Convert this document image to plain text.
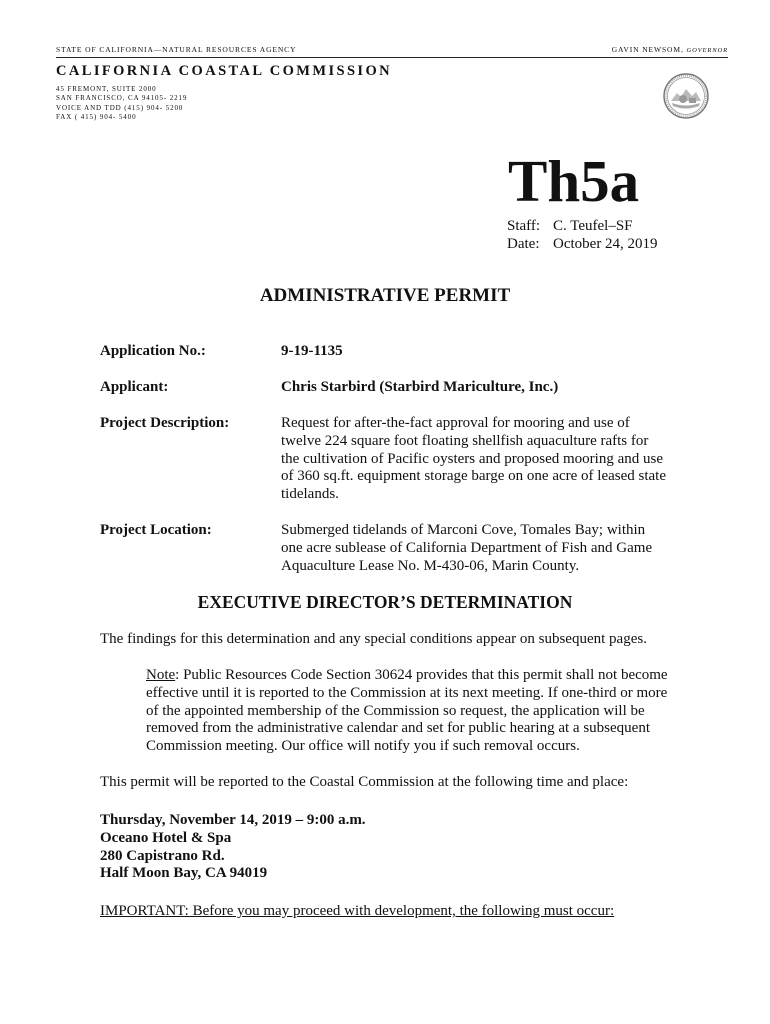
STATE OF CALIFORNIA—NATURAL RESOURCES AGENCY	GAVIN NEWSOM, GOVERNOR
CALIFORNIA COASTAL COMMISSION
45 FREMONT, SUITE 2000
SAN FRANCISCO, CA 94105- 2219
VOICE AND TDD (415) 904- 5200
FAX ( 415) 904- 5400
Th5a
Staff: C. Teufel–SF
Date: October 24, 2019
ADMINISTRATIVE PERMIT
Application No.:	9-19-1135
Applicant:	Chris Starbird (Starbird Mariculture, Inc.)
Project Description:	Request for after-the-fact approval for mooring and use of
twelve 224 square foot floating shellfish aquaculture rafts for
the cultivation of Pacific oysters and proposed mooring and use
of 360 sq.ft. equipment storage barge on one acre of leased state
tidelands.
Project Location:	Submerged tidelands of Marconi Cove, Tomales Bay; within
one acre sublease of California Department of Fish and Game
Aquaculture Lease No. M-430-06, Marin County.
EXECUTIVE DIRECTOR’S DETERMINATION
The findings for this determination and any special conditions appear on subsequent pages.
Note: Public Resources Code Section 30624 provides that this permit shall not become
effective until it is reported to the Commission at its next meeting. If one-third or more
of the appointed membership of the Commission so request, the application will be
removed from the administrative calendar and set for public hearing at a subsequent
Commission meeting. Our office will notify you if such removal occurs.
This permit will be reported to the Coastal Commission at the following time and place:
Thursday, November 14, 2019 – 9:00 a.m.
Oceano Hotel & Spa
280 Capistrano Rd.
Half Moon Bay, CA 94019
IMPORTANT: Before you may proceed with development, the following must occur:
